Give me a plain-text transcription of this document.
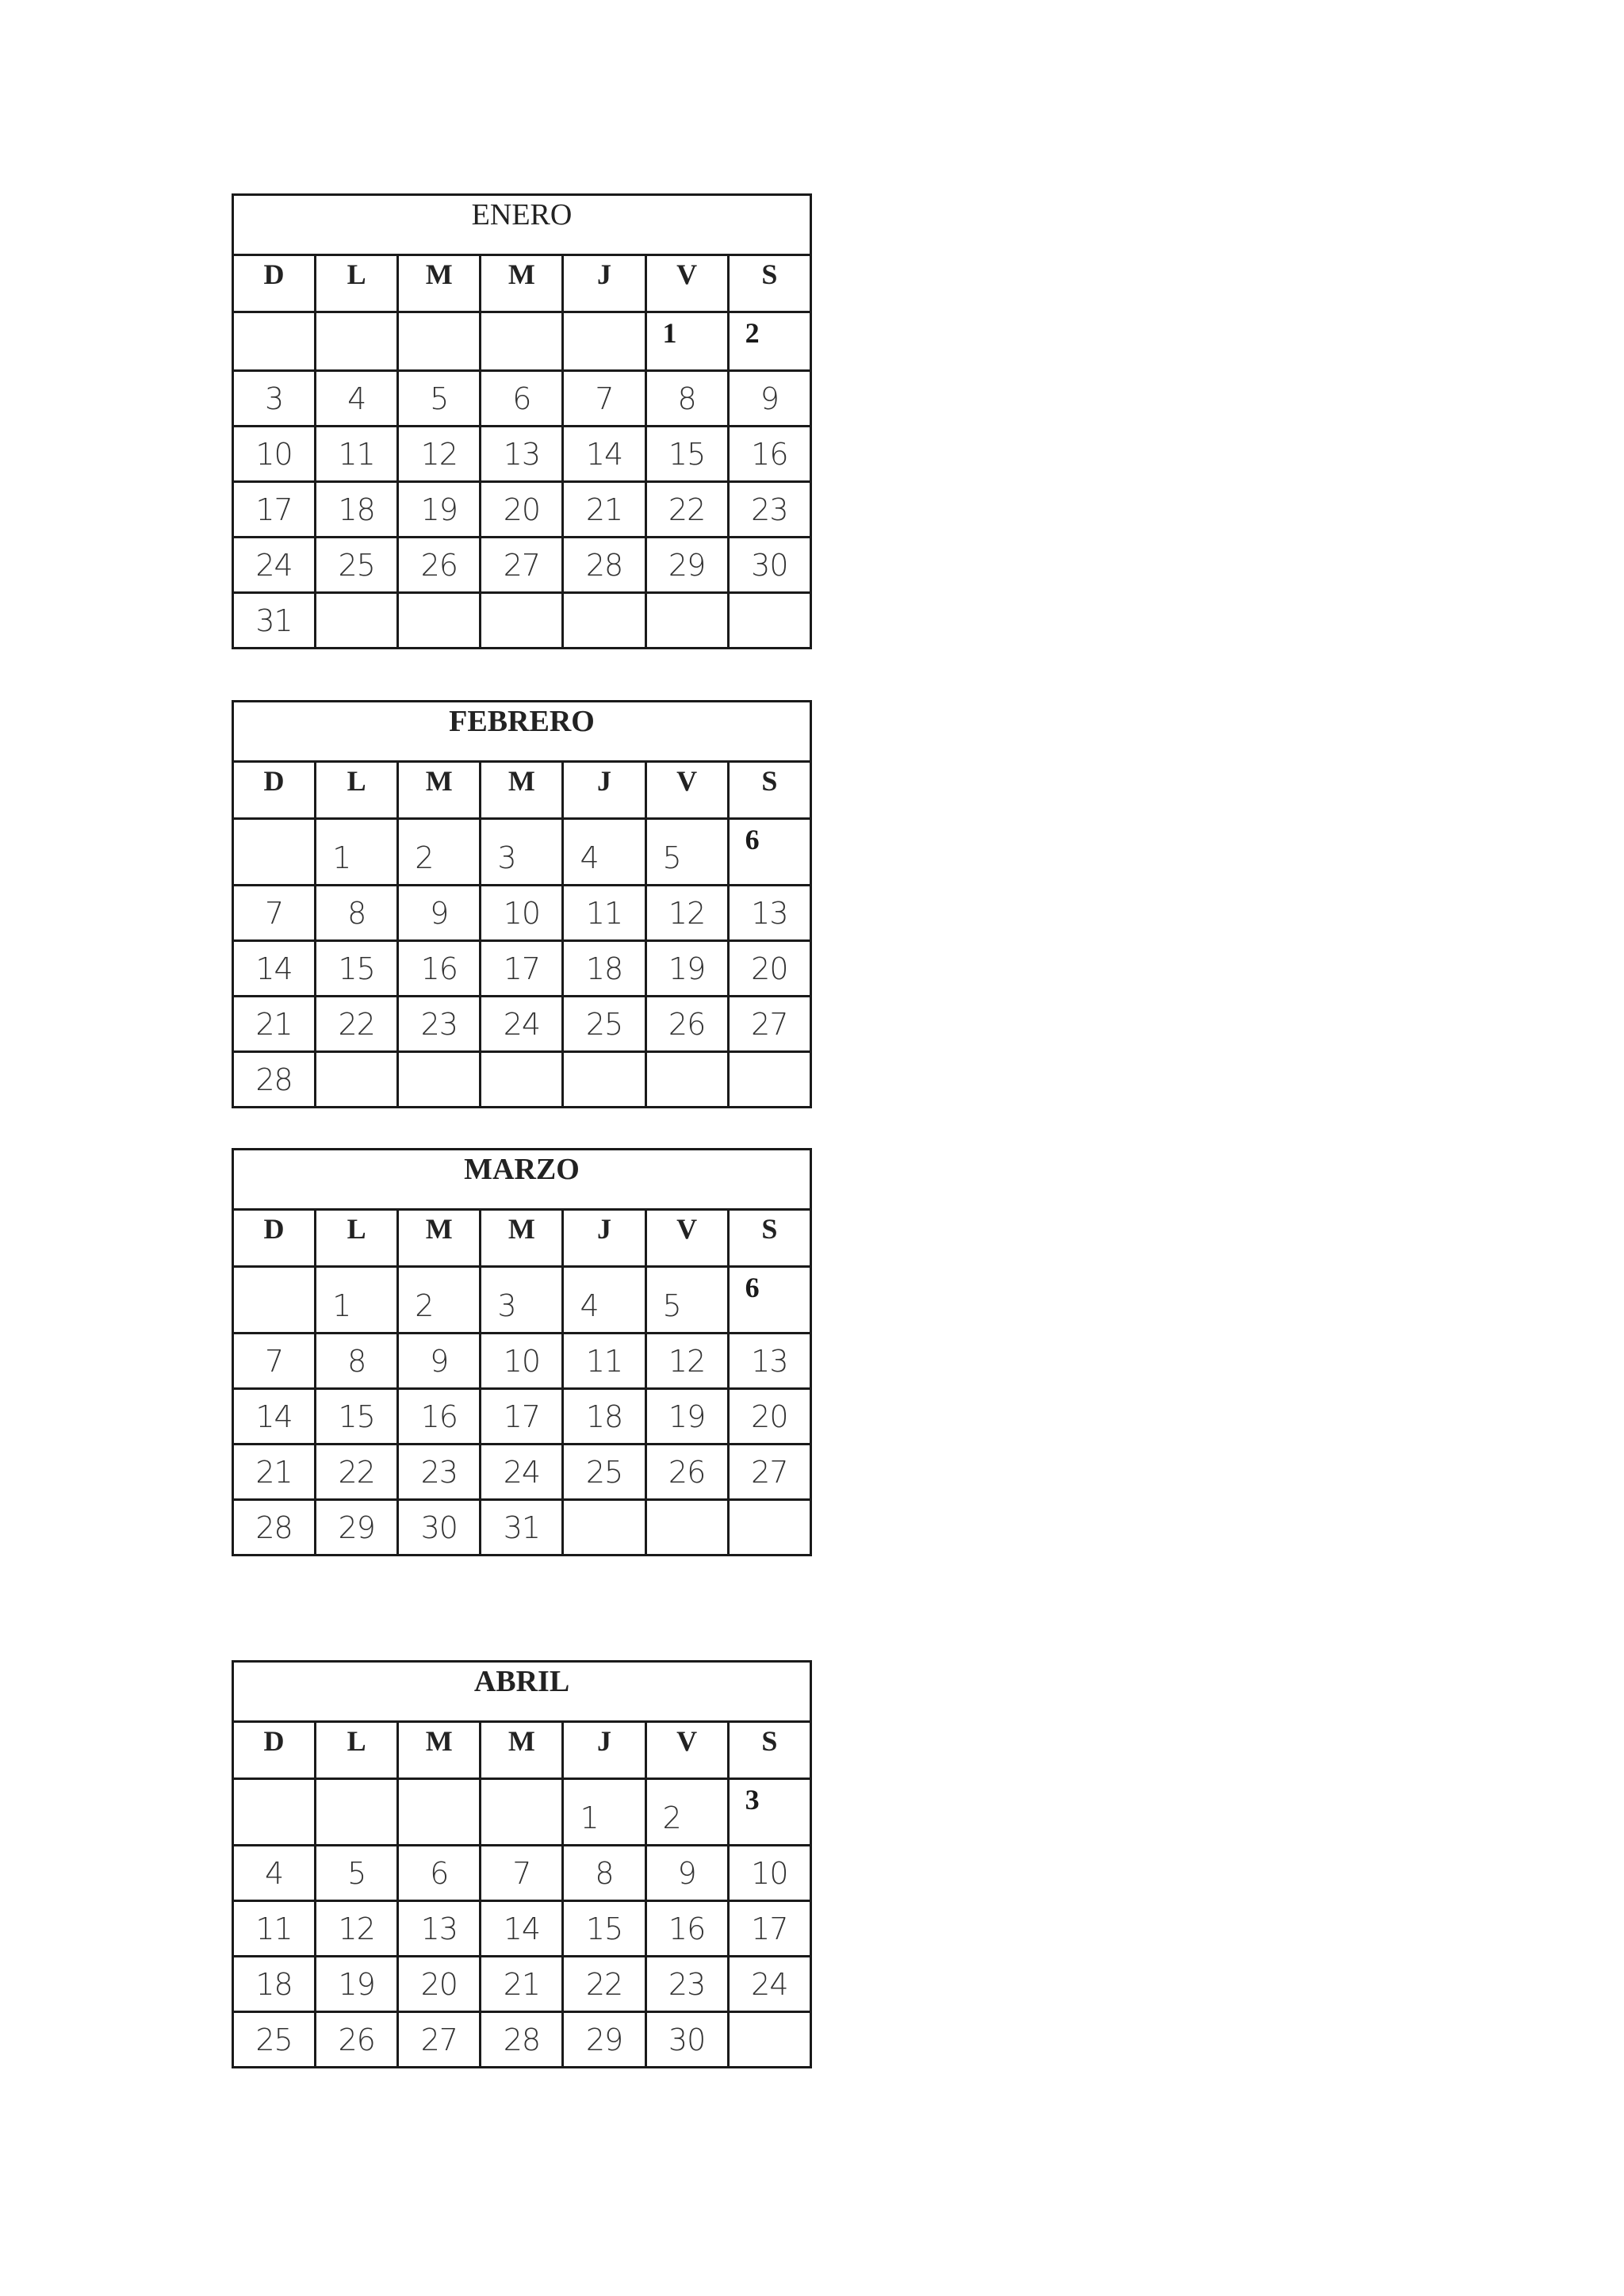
ENERO						
D	L	M	M	J	V	S
					1	2
3	4	5	6	7	8	9
10	11	12	13	14	15	16
17	18	19	20	21	22	23
24	25	26	27	28	29	30
31						
FEBRERO						
D	L	M	M	J	V	S
	1	2	3	4	5	6
7	8	9	10	11	12	13
14	15	16	17	18	19	20
21	22	23	24	25	26	27
28						
MARZO						
D	L	M	M	J	V	S
	1	2	3	4	5	6
7	8	9	10	11	12	13
14	15	16	17	18	19	20
21	22	23	24	25	26	27
28	29	30	31			
ABRIL						
D	L	M	M	J	V	S
				1	2	3
4	5	6	7	8	9	10
11	12	13	14	15	16	17
18	19	20	21	22	23	24
25	26	27	28	29	30	
